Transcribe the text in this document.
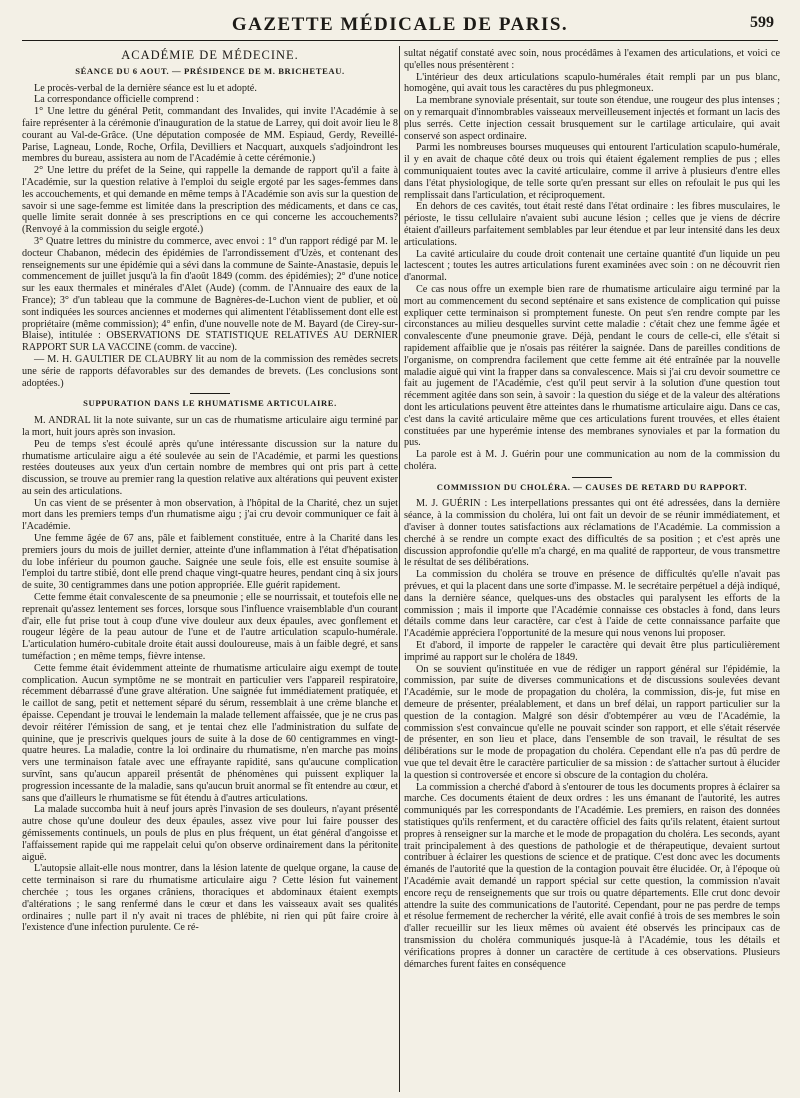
GAZETTE MÉDICALE DE PARIS.	599
ACADÉMIE DE MÉDECINE.
SÉANCE DU 6 AOUT. — PRÉSIDENCE DE M. BRICHETEAU.

Le procès-verbal de la dernière séance est lu et adopté.

La correspondance officielle comprend :

1° Une lettre du général Petit, commandant des Invalides, qui invite l'Académie à se faire représenter à la cérémonie d'inauguration de la statue de Larrey, qui doit avoir lieu le 8 courant au Val-de-Grâce. (Une députation composée de MM. Espiaud, Gerdy, Reveillé-Parise, Lagneau, Londe, Roche, Orfila, Devilliers et Nacquart, auxquels s'adjoindront les membres du bureau, assistera au nom de l'Académie à cette cérémonie.)

2° Une lettre du préfet de la Seine, qui rappelle la demande de rapport qu'il a faite à l'Académie, sur la question relative à l'emploi du seigle ergoté par les sages-femmes dans les accouchements, et qui demande en même temps à l'Académie son avis sur la question de savoir si une sage-femme est limitée dans la prescription des médicaments, et dans ce cas, quelle limite serait donnée à ses prescriptions en ce qui concerne les accouchements? (Renvoyé à la commission du seigle ergoté.)

3° Quatre lettres du ministre du commerce, avec envoi : 1° d'un rapport rédigé par M. le docteur Chabanon, médecin des épidémies de l'arrondissement d'Uzès, et contenant des renseignements sur une épidémie qui a sévi dans la commune de Sainte-Anastasie, depuis le commencement de juillet jusqu'à la fin d'août 1849 (comm. des épidémies); 2° d'une notice sur les eaux thermales et minérales d'Alet (Aude) (comm. de l'Annuaire des eaux de la France); 3° d'un tableau que la commune de Bagnères-de-Luchon vient de publier, et où sont indiquées les sources anciennes et modernes qui alimentent l'établissement dont elle est propriétaire (même commission); 4° enfin, d'une nouvelle note de M. Bayard (de Cirey-sur-Blaise), intitulée : OBSERVATIONS DE STATISTIQUE RELATIVES AU DERNIER RAPPORT SUR LA VACCINE (comm. de vaccine).

— M. H. GAULTIER DE CLAUBRY lit au nom de la commission des remèdes secrets une série de rapports défavorables sur des demandes de brevets. (Les conclusions sont adoptées.)

SUPPURATION DANS LE RHUMATISME ARTICULAIRE.

M. ANDRAL lit la note suivante, sur un cas de rhumatisme articulaire aigu terminé par la mort, huit jours après son invasion.

Peu de temps s'est écoulé après qu'une intéressante discussion sur la nature du rhumatisme articulaire aigu a été soulevée au sein de l'Académie, et parmi les questions restées douteuses aux yeux d'un certain nombre de membres qui ont pris part à cette discussion, se trouve au premier rang la question relative aux altérations qui peuvent exister au sein des articulations.

Un cas vient de se présenter à mon observation, à l'hôpital de la Charité, chez un sujet mort dans les premiers temps d'un rhumatisme aigu ; j'ai cru devoir communiquer ce fait à l'Académie.

Une femme âgée de 67 ans, pâle et faiblement constituée, entre à la Charité dans les premiers jours du mois de juillet dernier, atteinte d'une inflammation à l'état d'hépatisation du lobe inférieur du poumon gauche. Saignée une seule fois, elle est ensuite soumise à l'emploi du tartre stibié, dont elle prend chaque vingt-quatre heures, pendant cinq à six jours de suite, 30 centigrammes dans une potion appropriée. Elle guérit rapidement.

Cette femme était convalescente de sa pneumonie ; elle se nourrissait, et toutefois elle ne reprenait qu'assez lentement ses forces, lorsque sous l'influence vraisemblable d'un courant d'air, elle fut prise tout à coup d'une vive douleur aux deux épaules, avec gonflement et rougeur légère de la peau autour de l'une et de l'autre articulation scapulo-humérale. L'articulation huméro-cubitale droite était aussi douloureuse, mais à un faible degré, et sans tuméfaction ; en même temps, fièvre intense.

Cette femme était évidemment atteinte de rhumatisme articulaire aigu exempt de toute complication. Aucun symptôme ne se montrait en particulier vers l'appareil respiratoire, récemment débarrassé d'une grave altération. Une saignée fut immédiatement pratiquée, et le caillot de sang, petit et nettement séparé du sérum, ressemblait à une crème blanche et épaisse. Cependant je trouvai le lendemain la malade tellement affaissée, que je ne crus pas devoir réitérer l'émission de sang, et je tentai chez elle l'administration du sulfate de quinine, que je prescrivis quelques jours de suite à la dose de 60 centigrammes en vingt-quatre heures. La maladie, contre la loi ordinaire du rhumatisme, n'en marche pas moins vers une terminaison fatale avec une effrayante rapidité, sans qu'aucune complication survînt, sans qu'aucun appareil présentât de phénomènes qui puissent expliquer la progression incessante de la maladie, sans qu'aucun bruit anormal se fît entendre au cœur, et sans que d'ailleurs le rhumatisme se fût étendu à d'autres articulations.

La malade succomba huit à neuf jours après l'invasion de ses douleurs, n'ayant présenté autre chose qu'une douleur des deux épaules, assez vive pour lui faire pousser des gémissements continuels, un pouls de plus en plus fréquent, un état général d'angoisse et l'affaissement rapide qui me rappelait celui qu'on observe ordinairement dans la péritonite aiguë.

L'autopsie allait-elle nous montrer, dans la lésion latente de quelque organe, la cause de cette terminaison si rare du rhumatisme articulaire aigu ? Cette lésion fut vainement cherchée ; tous les organes crâniens, thoraciques et abdominaux étaient exempts d'altérations ; le sang renfermé dans le cœur et dans les vaisseaux avait ses qualités ordinaires ; nulle part il n'y avait ni traces de phlébite, ni rien qui pût faire croire à l'existence d'une infection purulente. Ce ré-

sultat négatif constaté avec soin, nous procédâmes à l'examen des articulations, et voici ce qu'elles nous présentèrent :

L'intérieur des deux articulations scapulo-humérales était rempli par un pus blanc, homogène, qui avait tous les caractères du pus phlegmoneux.

La membrane synoviale présentait, sur toute son étendue, une rougeur des plus intenses ; on y remarquait d'innombrables vaisseaux merveilleusement injectés et formant un lacis des plus serrés. Cette injection cessait brusquement sur le cartilage articulaire, qui avait conservé son aspect ordinaire.

Parmi les nombreuses bourses muqueuses qui entourent l'articulation scapulo-humérale, il y en avait de chaque côté deux ou trois qui étaient également remplies de pus ; elles communiquaient toutes avec la cavité articulaire, comme il arrive à plusieurs d'entre elles dans l'état physiologique, de telle sorte qu'en pressant sur elles on refoulait le pus qui les remplissait dans l'articulation, et réciproquement.

En dehors de ces cavités, tout était resté dans l'état ordinaire : les fibres musculaires, le périoste, le tissu cellulaire n'avaient subi aucune lésion ; celles que je viens de décrire étaient d'ailleurs parfaitement semblables par leur étendue et par leur intensité dans les deux articulations.

La cavité articulaire du coude droit contenait une certaine quantité d'un liquide un peu lactescent ; toutes les autres articulations furent examinées avec soin : on ne découvrit rien d'anormal.

Ce cas nous offre un exemple bien rare de rhumatisme articulaire aigu terminé par la mort au commencement du second septénaire et sans existence de complication qui puisse expliquer cette terminaison si promptement funeste. On peut s'en rendre compte par les circonstances au milieu desquelles survint cette maladie : c'était chez une femme âgée et convalescente d'une pneumonie grave. Déjà, pendant le cours de celle-ci, elle s'était si rapidement affaiblie que je n'osais pas réitérer la saignée. Dans de pareilles conditions de l'organisme, on comprendra facilement que cette femme ait été entraînée par la nouvelle maladie aiguë qui vint la frapper dans sa convalescence. Mais si j'ai cru devoir soumettre ce fait au jugement de l'Académie, c'est qu'il peut servir à la solution d'une question tout récemment agitée dans son sein, à savoir : la question du siége et de la valeur des altérations dont les articulations peuvent être atteintes dans le rhumatisme articulaire aigu. Dans ce cas, c'est dans la cavité articulaire même que ces articulations furent trouvées, et elles étaient constituées par une hyperémie intense des membranes synoviales et par la formation du pus.

La parole est à M. J. Guérin pour une communication au nom de la commission du choléra.

COMMISSION DU CHOLÉRA. — CAUSES DE RETARD DU RAPPORT.

M. J. GUÉRIN : Les interpellations pressantes qui ont été adressées, dans la dernière séance, à la commission du choléra, lui ont fait un devoir de se réunir immédiatement, et d'aviser à donner toutes satisfactions aux réclamations de l'Académie. La commission a cherché à se rendre un compte exact des difficultés de sa position ; et c'est après une discussion approfondie qu'elle m'a chargé, en ma qualité de rapporteur, de vous transmettre le résultat de ses délibérations.

La commission du choléra se trouve en présence de difficultés qu'elle n'avait pas prévues, et qui la placent dans une sorte d'impasse. M. le secrétaire perpétuel a déjà indiqué, dans la dernière séance, quelques-uns des obstacles qui paralysent les efforts de la commission ; mais il importe que l'Académie connaisse ces obstacles à fond, dans leurs détails comme dans leur caractère, car c'est à l'aide de cette connaissance parfaite que l'Académie appréciera l'opportunité de la mesure qui nous venons lui proposer.

Et d'abord, il importe de rappeler le caractère qui devait être plus particulièrement imprimé au rapport sur le choléra de 1849.

On se souvient qu'instituée en vue de rédiger un rapport général sur l'épidémie, la commission, par suite de diverses communications et de discussions soulevées devant l'Académie, sur le mode de propagation du choléra, la commission, dis-je, fut mise en demeure de présenter, préalablement, et dans un bref délai, un rapport particulier sur la question de la contagion. Malgré son désir d'obtempérer au vœu de l'Académie, la commission s'est convaincue qu'elle ne pouvait scinder son rapport, et elle s'était réservée de présenter, en son lieu et place, dans l'ensemble de son travail, le résultat de ses délibérations sur le mode de propagation du choléra. Cependant elle n'a pas dû perdre de vue que tel devait être le caractère particulier de sa mission : de s'attacher surtout à élucider la question si controversée et encore si obscure de la contagion du choléra.

La commission a cherché d'abord à s'entourer de tous les documents propres à éclairer sa marche. Ces documents étaient de deux ordres : les uns émanant de l'autorité, les autres communiqués par les correspondants de l'Académie. Les premiers, en raison des données statistiques qu'ils renferment, et du caractère officiel des faits qu'ils relatent, étaient surtout propres à renseigner sur la marche et le mode de propagation du choléra. Les seconds, ayant trait principalement à des questions de pathologie et de thérapeutique, devaient surtout contribuer à éclairer les questions de science et de pratique. C'est donc avec les documents émanés de l'autorité que la question de la contagion pouvait être élucidée. Or, à l'époque où l'Académie avait demandé un rapport spécial sur cette question, la commission n'avait encore reçu de renseignements que sur trois ou quatre départements. Elle crut donc devoir attendre la suite des communications de l'autorité. Cependant, pour ne pas perdre de temps et résolue fermement de rechercher la vérité, elle avait confié à trois de ses membres le soin d'aller recueillir sur les lieux mêmes où avaient été observés les principaux cas de transmission du choléra communiqués jusque-là à l'Académie, tous les détails et vérifications propres à donner un caractère de certitude à ces observations. Plusieurs démarches furent faites en conséquence
